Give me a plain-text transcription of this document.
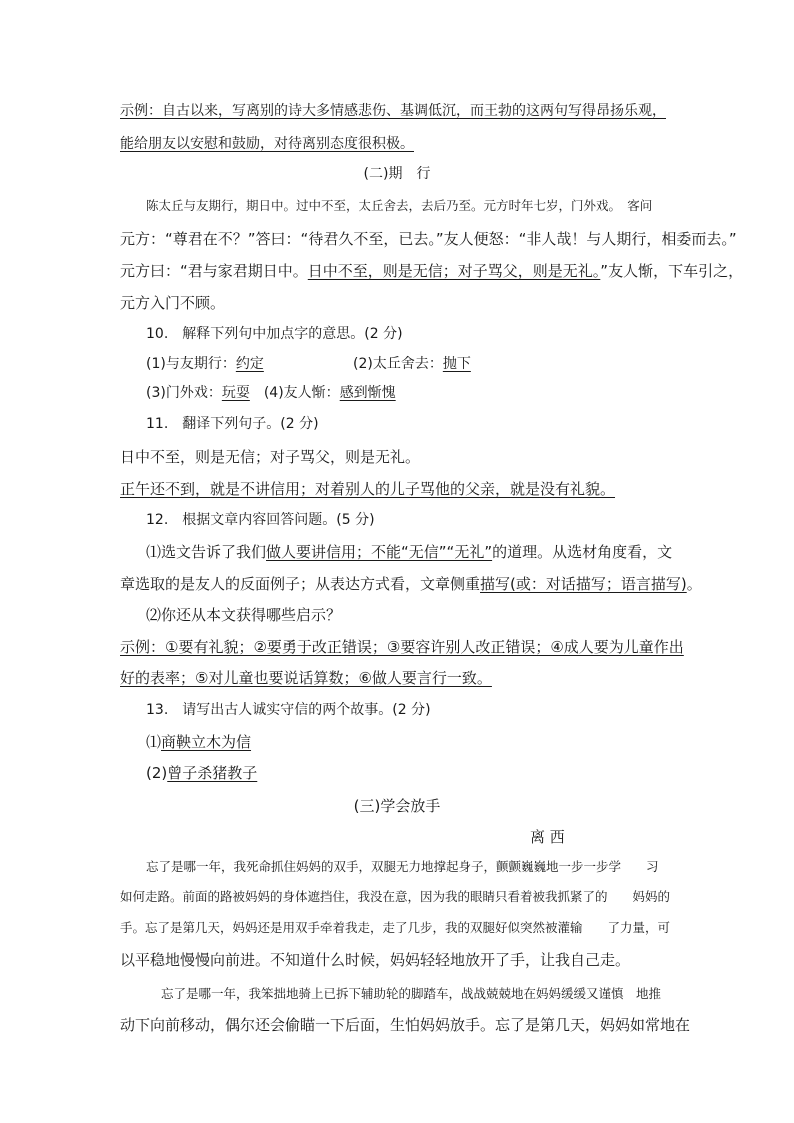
示例：自古以来，写离别的诗大多情感悲伤、基调低沉，而王勃的这两句写得昂扬乐观，
能给朋友以安慰和鼓励，对待离别态度很积极。
(二)期　行
陈太丘与友期行，期日中。过中不至，太丘舍去，去后乃至。元方时年七岁，门外戏。　客问
元方：“尊君在不？”答曰：“待君久不至，已去。”友人便怒：“非人哉！与人期行，相委而去。”
元方曰：“君与家君期日中。日中不至，则是无信；对子骂父，则是无礼。”友人惭，下车引之，
元方入门不顾。
10.　解释下列句中加点字的意思。(2 分)
(1)与友期行：约定	(2)太丘舍去：抛下
(3)门外戏：玩耍　 (4)友人惭：感到惭愧
11.　翻译下列句子。(2 分)
日中不至，则是无信；对子骂父，则是无礼。
正午还不到，就是不讲信用；对着别人的儿子骂他的父亲，就是没有礼貌。
12.　根据文章内容回答问题。(5 分)
⑴选文告诉了我们做人要讲信用；不能“无信”“无礼”的道理。从选材角度看，文
章选取的是友人的反面例子；从表达方式看，文章侧重描写(或：对话描写；语言描写)。
⑵你还从本文获得哪些启示？
示例：①要有礼貌；②要勇于改正错误；③要容许别人改正错误；④成人要为儿童作出
好的表率；⑤对儿童也要说话算数；⑥做人要言行一致。
13.　请写出古人诚实守信的两个故事。(2 分)
⑴商鞅立木为信
(2)曾子杀猪教子
(三)学会放手
离 西
忘了是哪一年，我死命抓住妈妈的双手，双腿无力地撑起身子，颤颤巍巍地一步一步学　　习
如何走路。前面的路被妈妈的身体遮挡住，我没在意，因为我的眼睛只看着被我抓紧了的　　妈妈的
手。忘了是第几天，妈妈还是用双手牵着我走，走了几步，我的双腿好似突然被灌输　　了力量，可
以平稳地慢慢向前进。不知道什么时候，妈妈轻轻地放开了手，让我自己走。
忘了是哪一年，我笨拙地骑上已拆下辅助轮的脚踏车，战战兢兢地在妈妈缓缓又谨慎　地推
动下向前移动，偶尔还会偷瞄一下后面，生怕妈妈放手。忘了是第几天，妈妈如常地在
